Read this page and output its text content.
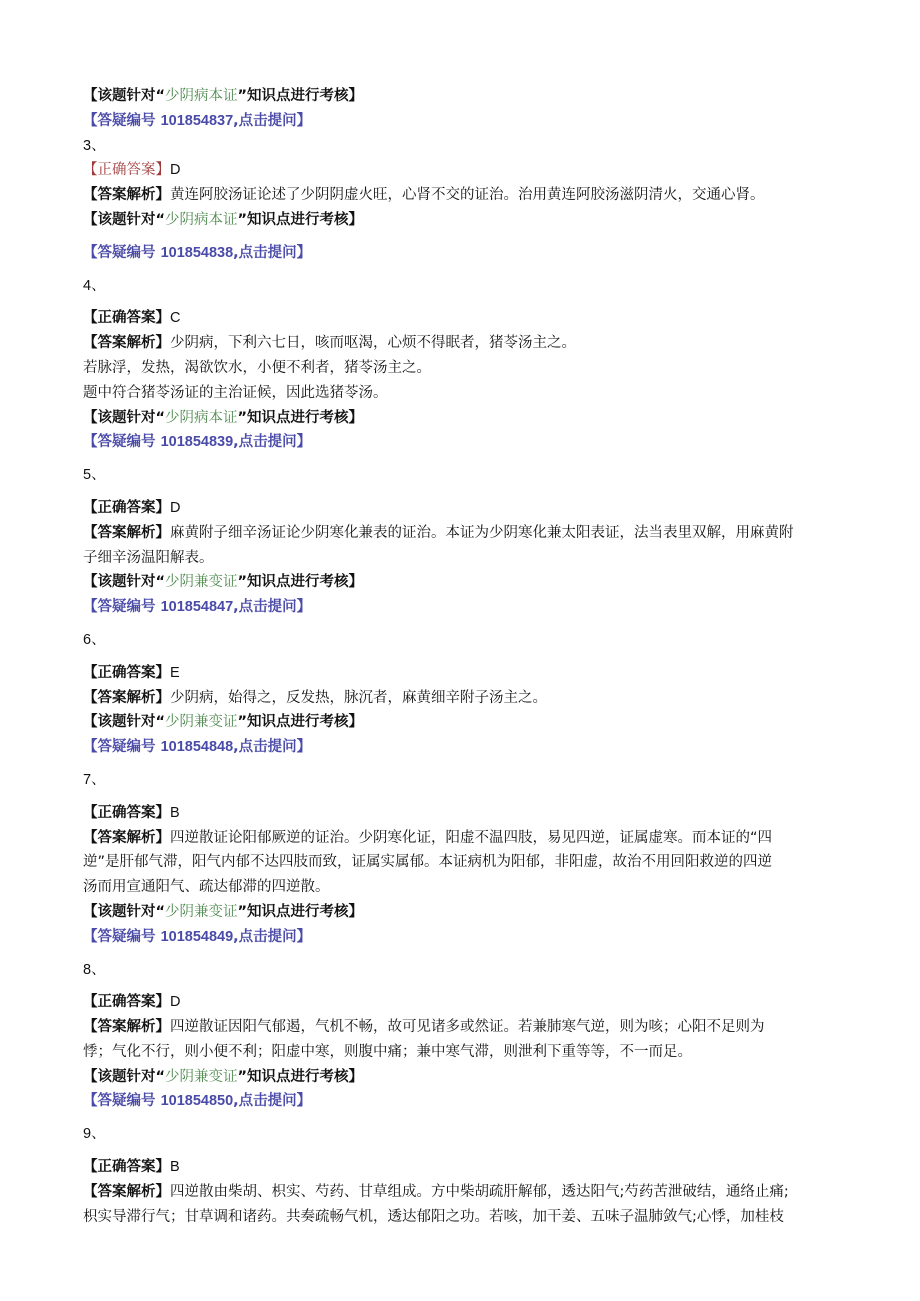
【该题针对“少阴病本证”知识点进行考核】
【答疑编号 101854837,点击提问】
3、
【正确答案】D
【答案解析】黄连阿胶汤证论述了少阴阴虚火旺，心肾不交的证治。治用黄连阿胶汤滋阴清火，交通心肾。
【该题针对“少阴病本证”知识点进行考核】
【答疑编号 101854838,点击提问】
4、
【正确答案】C
【答案解析】少阴病，下利六七日，咳而呕渴，心烦不得眠者，猪苓汤主之。
若脉浮，发热，渴欲饮水，小便不利者，猪苓汤主之。
题中符合猪苓汤证的主治证候，因此选猪苓汤。
【该题针对“少阴病本证”知识点进行考核】
【答疑编号 101854839,点击提问】
5、
【正确答案】D
【答案解析】麻黄附子细辛汤证论少阴寒化兼表的证治。本证为少阴寒化兼太阳表证，法当表里双解，用麻黄附
子细辛汤温阳解表。
【该题针对“少阴兼变证”知识点进行考核】
【答疑编号 101854847,点击提问】
6、
【正确答案】E
【答案解析】少阴病，始得之，反发热，脉沉者，麻黄细辛附子汤主之。
【该题针对“少阴兼变证”知识点进行考核】
【答疑编号 101854848,点击提问】
7、
【正确答案】B
【答案解析】四逆散证论阳郁厥逆的证治。少阴寒化证，阳虚不温四肢，易见四逆，证属虚寒。而本证的“四
逆”是肝郁气滞，阳气内郁不达四肢而致，证属实属郁。本证病机为阳郁，非阳虚，故治不用回阳救逆的四逆
汤而用宣通阳气、疏达郁滞的四逆散。
【该题针对“少阴兼变证”知识点进行考核】
【答疑编号 101854849,点击提问】
8、
【正确答案】D
【答案解析】四逆散证因阳气郁遏，气机不畅，故可见诸多或然证。若兼肺寒气逆，则为咳；心阳不足则为
悸；气化不行，则小便不利；阳虚中寒，则腹中痛；兼中寒气滞，则泄利下重等等，不一而足。
【该题针对“少阴兼变证”知识点进行考核】
【答疑编号 101854850,点击提问】
9、
【正确答案】B
【答案解析】四逆散由柴胡、枳实、芍药、甘草组成。方中柴胡疏肝解郁，透达阳气;芍药苦泄破结，通络止痛;
枳实导滞行气；甘草调和诸药。共奏疏畅气机，透达郁阳之功。若咳，加干姜、五味子温肺敛气;心悸，加桂枝
